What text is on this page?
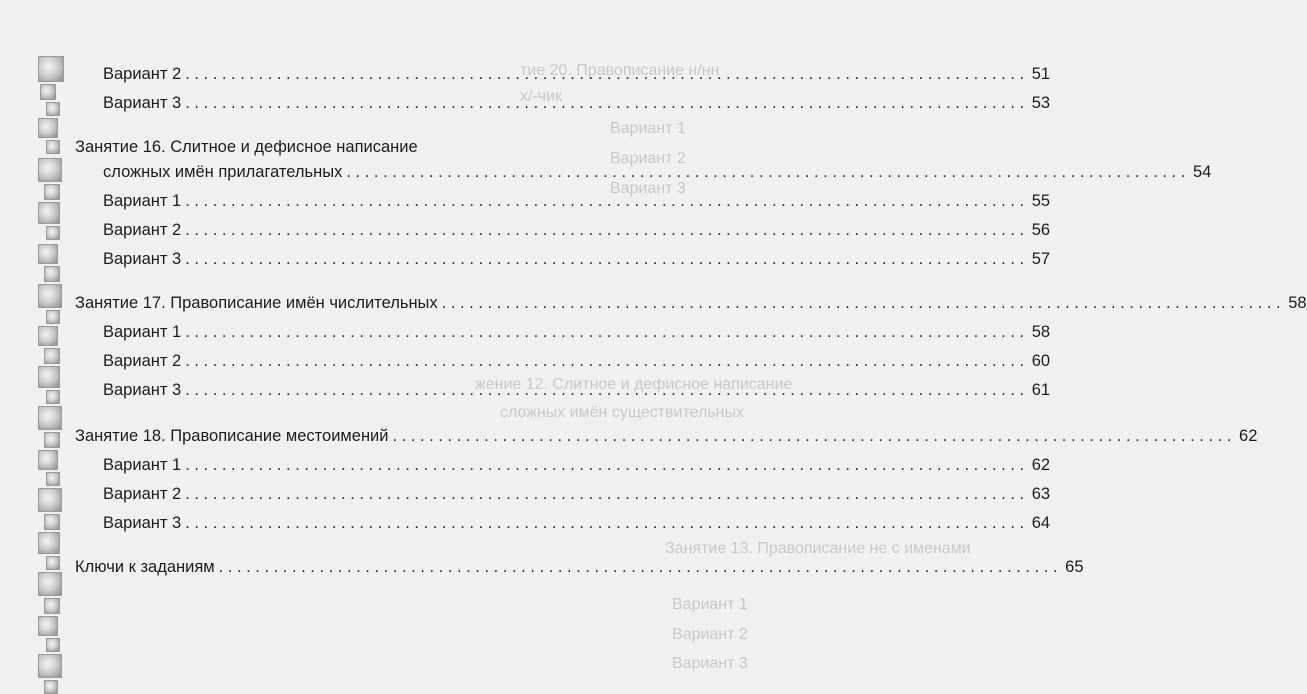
тие 20. Правописание н/нн
х/-чик
Вариант 1
Вариант 2
Вариант 3
жение 12. Слитное и дефисное написание
сложных имён существительных
Занятие 13. Правописание не с именами
Вариант 1
Вариант 2
Вариант 3
Вариант 2 . . .	51
Вариант 3 . . .	53
Занятие 16. Слитное и дефисное написание
сложных имён прилагательных . . .	54
Вариант 1 . . .	55
Вариант 2 . . .	56
Вариант 3 . . .	57
Занятие 17. Правописание имён числительных . . .	58
Вариант 1 . . .	58
Вариант 2 . . .	60
Вариант 3 . . .	61
Занятие 18. Правописание местоимений . . .	62
Вариант 1 . . .	62
Вариант 2 . . .	63
Вариант 3 . . .	64
Ключи к заданиям . . .	65
